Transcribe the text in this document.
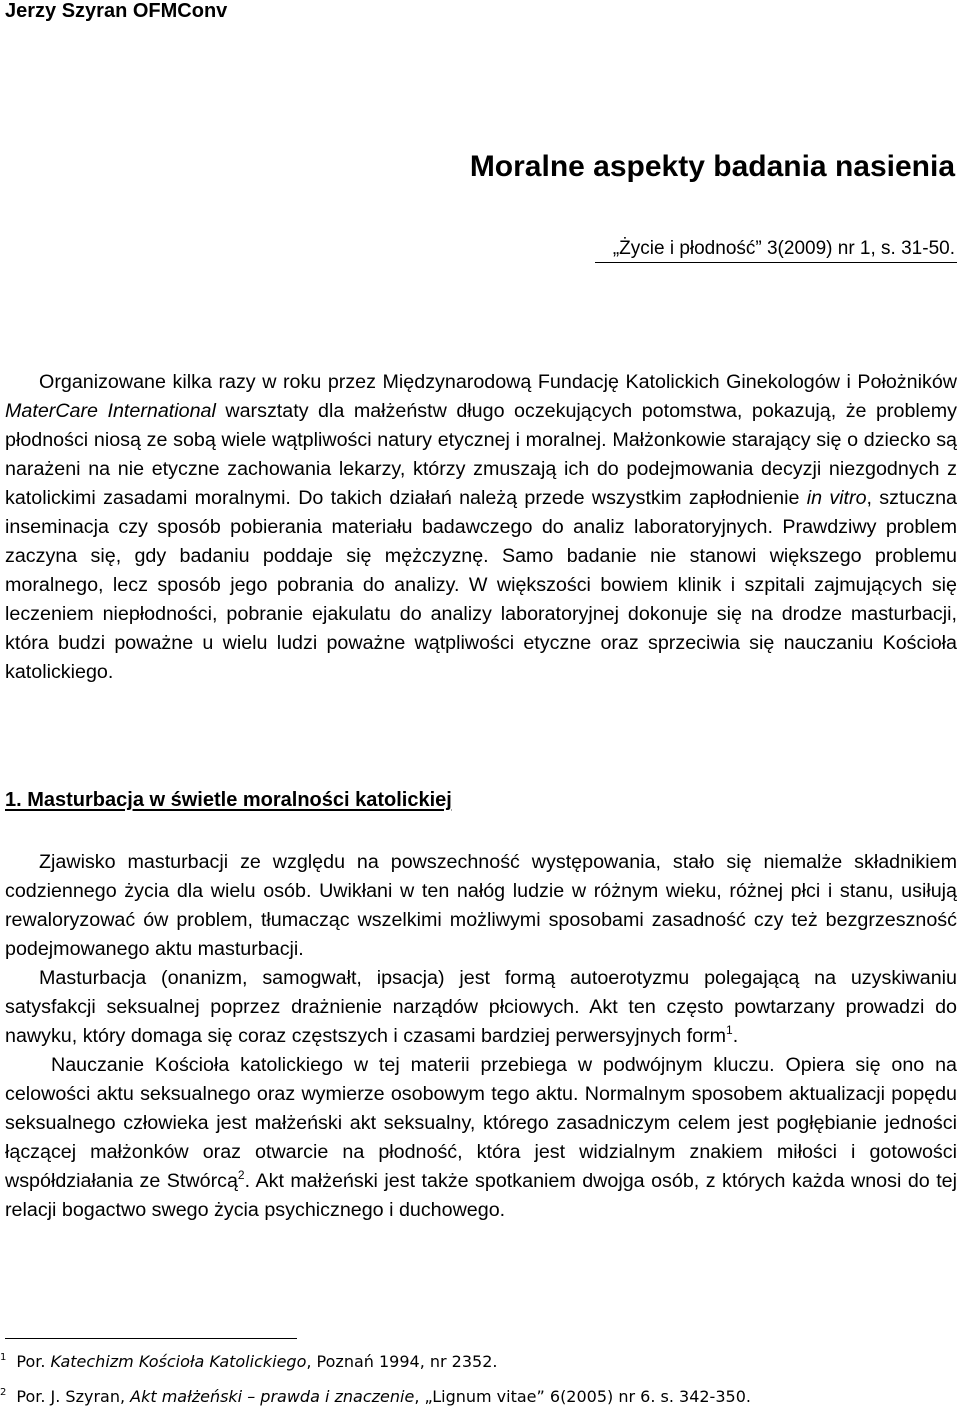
Jerzy Szyran OFMConv
Moralne aspekty badania nasienia
„Życie i płodność” 3(2009) nr 1, s. 31-50.

Organizowane kilka razy w roku przez Międzynarodową Fundację Katolickich Ginekologów i Położników MaterCare International warsztaty dla małżeństw długo oczekujących potomstwa, pokazują, że problemy płodności niosą ze sobą wiele wątpliwości natury etycznej i moralnej. Małżonkowie starający się o dziecko są narażeni na nie etyczne zachowania lekarzy, którzy zmuszają ich do podejmowania decyzji niezgodnych z katolickimi zasadami moralnymi. Do takich działań należą przede wszystkim zapłodnienie in vitro, sztuczna inseminacja czy sposób pobierania materiału badawczego do analiz laboratoryjnych. Prawdziwy problem zaczyna się, gdy badaniu poddaje się mężczyznę. Samo badanie nie stanowi większego problemu moralnego, lecz sposób jego pobrania do analizy. W większości bowiem klinik i szpitali zajmujących się leczeniem niepłodności, pobranie ejakulatu do analizy laboratoryjnej dokonuje się na drodze masturbacji, która budzi poważne u wielu ludzi poważne wątpliwości etyczne oraz sprzeciwia się nauczaniu Kościoła katolickiego.

1. Masturbacja w świetle moralności katolickiej

Zjawisko masturbacji ze względu na powszechność występowania, stało się niemalże składnikiem codziennego życia dla wielu osób. Uwikłani w ten nałóg ludzie w różnym wieku, różnej płci i stanu, usiłują rewaloryzować ów problem, tłumacząc wszelkimi możliwymi sposobami zasadność czy też bezgrzeszność podejmowanego aktu masturbacji.

Masturbacja (onanizm, samogwałt, ipsacja) jest formą autoerotyzmu polegającą na uzyskiwaniu satysfakcji seksualnej poprzez drażnienie narządów płciowych. Akt ten często powtarzany prowadzi do nawyku, który domaga się coraz częstszych i czasami bardziej perwersyjnych form$^1$.

Nauczanie Kościoła katolickiego w tej materii przebiega w podwójnym kluczu. Opiera się ono na celowości aktu seksualnego oraz wymierze osobowym tego aktu. Normalnym sposobem aktualizacji popędu seksualnego człowieka jest małżeński akt seksualny, którego zasadniczym celem jest pogłębianie jedności łączącej małżonków oraz otwarcie na płodność, która jest widzialnym znakiem miłości i gotowości współdziałania ze Stwórcą$^2$. Akt małżeński jest także spotkaniem dwojga osób, z których każda wnosi do tej relacji bogactwo swego życia psychicznego i duchowego.

$^1$ Por. Katechizm Kościoła Katolickiego, Poznań 1994, nr 2352.
$^2$ Por. J. Szyran, Akt małżeński – prawda i znaczenie, „Lignum vitae” 6(2005) nr 6. s. 342-350.
